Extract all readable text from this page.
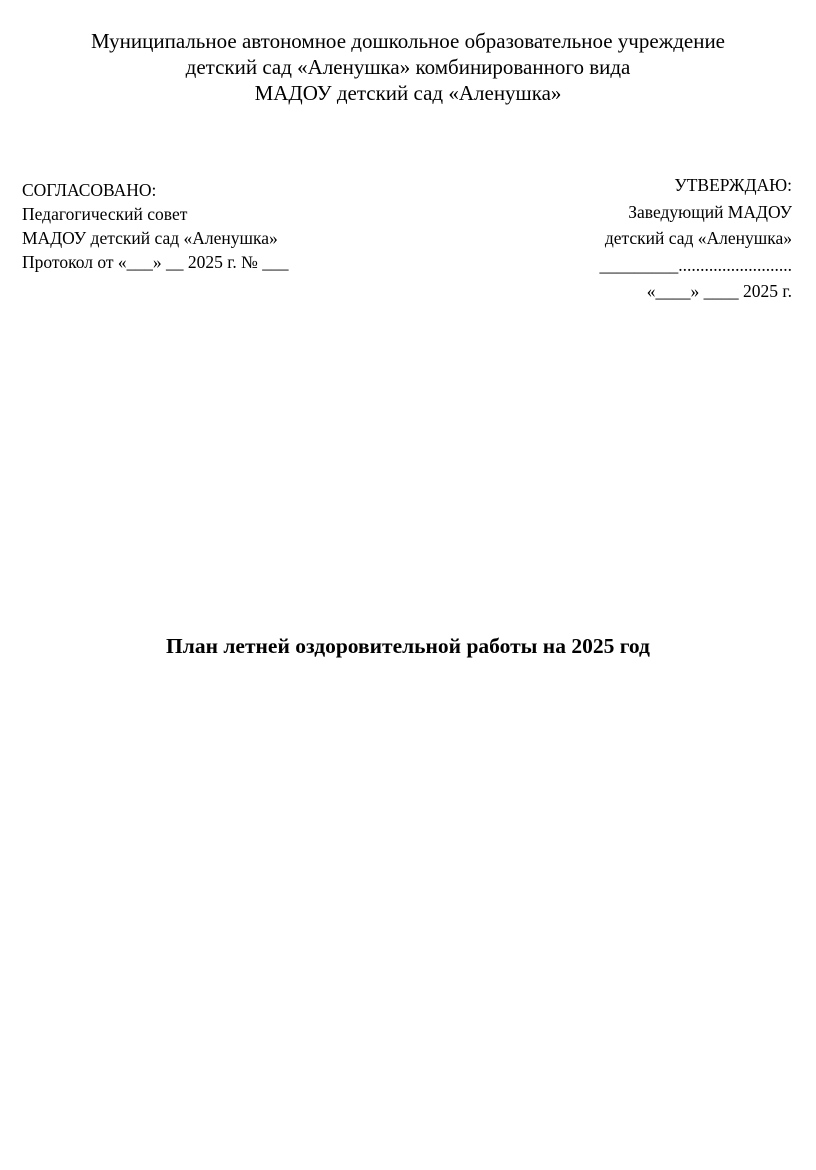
Муниципальное автономное дошкольное образовательное учреждение
детский сад «Аленушка» комбинированного вида
МАДОУ детский сад «Аленушка»
СОГЛАСОВАНО:
Педагогический совет
МАДОУ детский сад «Аленушка»
Протокол от «___» __ 2025 г. № ___
УТВЕРЖДАЮ:
Заведующий МАДОУ
детский сад «Аленушка»
_________..........................
«____» ____ 2025 г.
План летней оздоровительной работы на 2025 год
